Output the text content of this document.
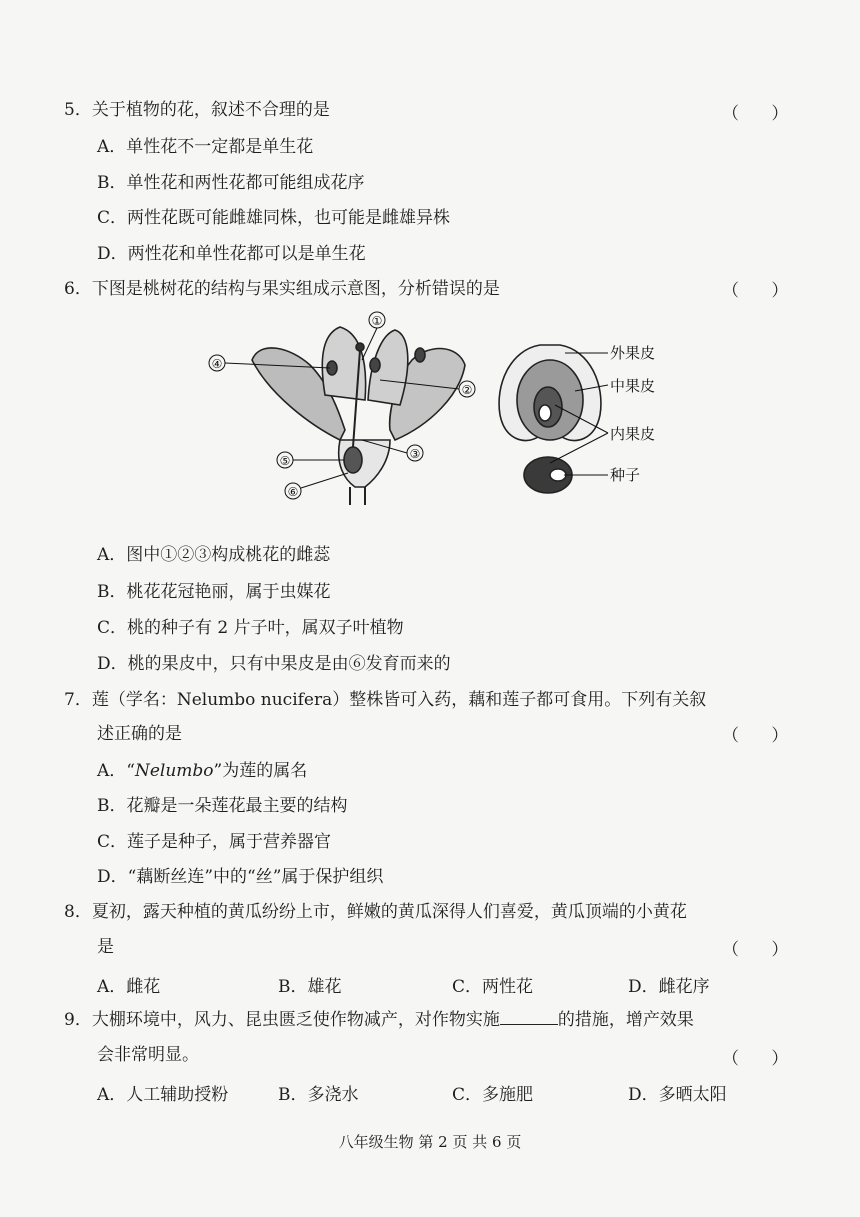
5．关于植物的花，叙述不合理的是	（      ）
A．单性花不一定都是单生花
B．单性花和两性花都可能组成花序
C．两性花既可能雌雄同株，也可能是雌雄异株
D．两性花和单性花都可以是单生花
6．下图是桃树花的结构与果实组成示意图，分析错误的是	（      ）
①
②
③
④
⑤
⑥
外果皮
中果皮
内果皮
种子
A．图中①②③构成桃花的雌蕊
B．桃花花冠艳丽，属于虫媒花
C．桃的种子有 2 片子叶，属双子叶植物
D．桃的果皮中，只有中果皮是由⑥发育而来的
7．莲（学名：Nelumbo nucifera）整株皆可入药，藕和莲子都可食用。下列有关叙
述正确的是	（      ）
A．“Nelumbo”为莲的属名
B．花瓣是一朵莲花最主要的结构
C．莲子是种子，属于营养器官
D．“藕断丝连”中的“丝”属于保护组织
8．夏初，露天种植的黄瓜纷纷上市，鲜嫩的黄瓜深得人们喜爱，黄瓜顶端的小黄花
是	（      ）
A．雌花	B．雄花	C．两性花	D．雌花序
9．大棚环境中，风力、昆虫匮乏使作物减产，对作物实施	的措施，增产效果
会非常明显。	（      ）
A．人工辅助授粉	B．多浇水	C．多施肥	D．多晒太阳
八年级生物 第 2 页 共 6 页
